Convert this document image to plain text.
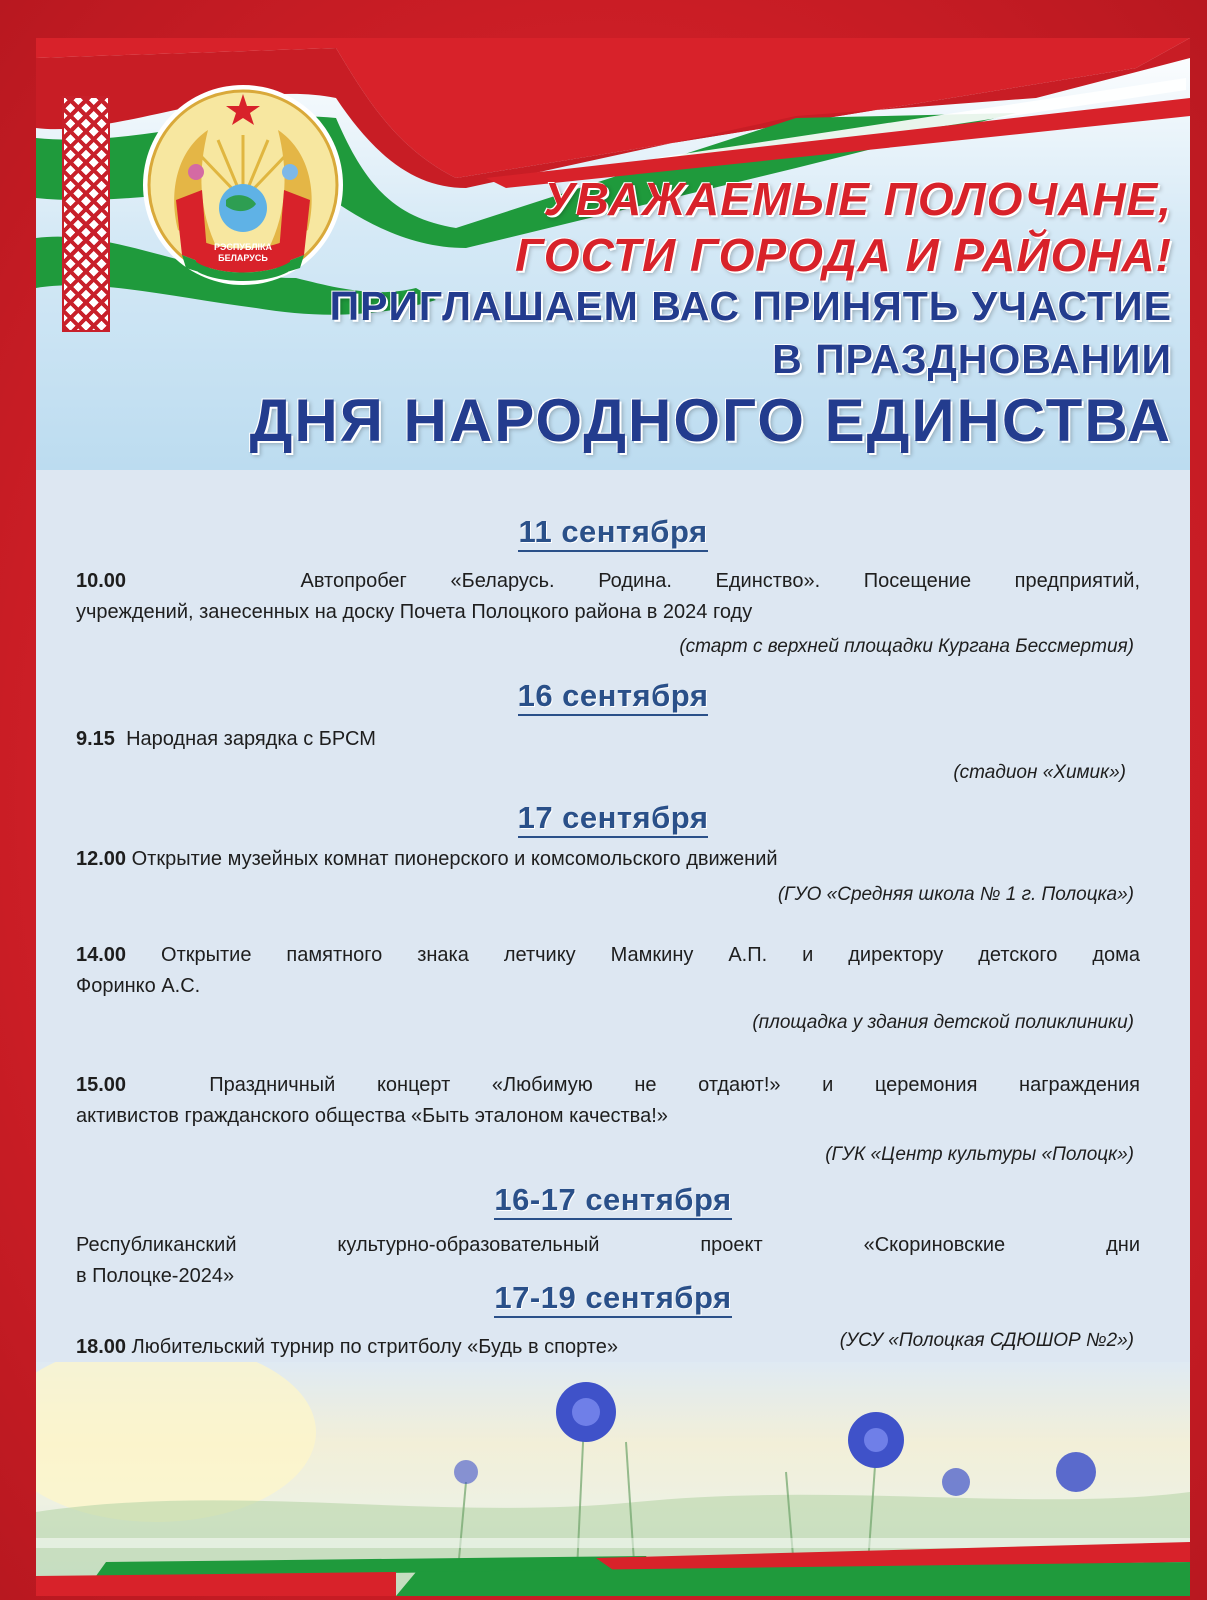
РЭСПУБЛІКА
БЕЛАРУСЬ
УВАЖАЕМЫЕ ПОЛОЧАНЕ,
ГОСТИ ГОРОДА И РАЙОНА!
ПРИГЛАШАЕМ ВАС ПРИНЯТЬ УЧАСТИЕ
В ПРАЗДНОВАНИИ
ДНЯ НАРОДНОГО ЕДИНСТВА
11 сентября
10.00	Автопробег «Беларусь. Родина. Единство». Посещение предприятий,
учреждений, занесенных на доску Почета Полоцкого района в 2024 году
(старт с верхней площадки Кургана Бессмертия)
16 сентября
9.15 Народная зарядка с БРСМ
(стадион «Химик»)
17 сентября
12.00 Открытие музейных комнат пионерского и комсомольского движений
(ГУО «Средняя школа № 1 г. Полоцка»)
14.00 Открытие памятного знака летчику Мамкину А.П. и директору детского дома
Форинко А.С.
(площадка у здания детской поликлиники)
15.00	Праздничный концерт «Любимую не отдают!» и церемония награждения
активистов гражданского общества «Быть эталоном качества!»
(ГУК «Центр культуры «Полоцк»)
16-17 сентября
Республиканский культурно-образовательный проект «Скориновские дни
в Полоцке-2024»
17-19 сентября
18.00 Любительский турнир по стритболу «Будь в спорте»	(УСУ «Полоцкая СДЮШОР №2»)
